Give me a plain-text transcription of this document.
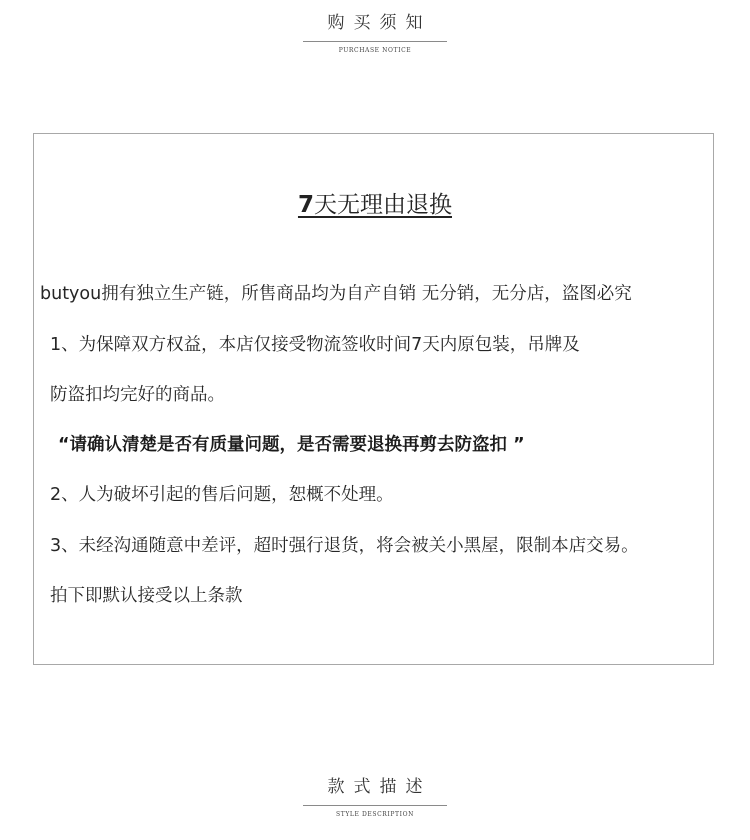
购买须知
PURCHASE NOTICE
7天无理由退换
butyou拥有独立生产链，所售商品均为自产自销 无分销，无分店，盗图必究
1、为保障双方权益，本店仅接受物流签收时间7天内原包装，吊牌及
防盗扣均完好的商品。
“请确认清楚是否有质量问题，是否需要退换再剪去防盗扣 ”
2、人为破坏引起的售后问题，恕概不处理。
3、未经沟通随意中差评，超时强行退货，将会被关小黑屋，限制本店交易。
拍下即默认接受以上条款
款式描述
STYLE DESCRIPTION
